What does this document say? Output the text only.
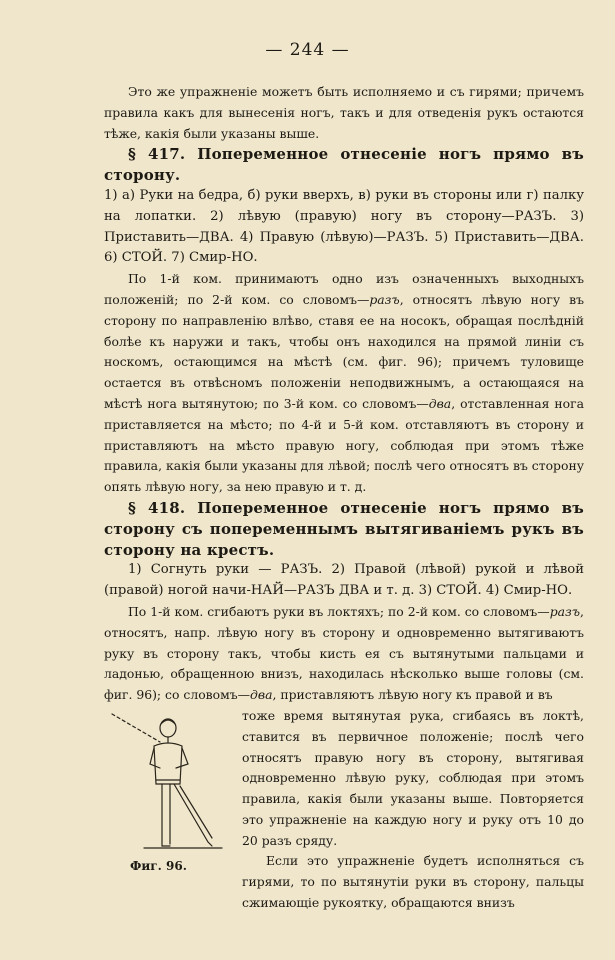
— 244 —

Это же упражненіе можетъ быть исполняемо и съ гирями; причемъ правила какъ для вынесенія ногъ, такъ и для отведенія рукъ остаются тѣже, какія были указаны выше.

§ 417. Попеременное отнесеніе ногъ прямо въ сторону.

1) а) Руки на бедра, б) руки вверхъ, в) руки въ стороны или г) палку на лопатки. 2) лѣвую (правую) ногу въ сторону—РАЗЪ. 3) Приставить—ДВА. 4) Правую (лѣвую)—РАЗЪ. 5) Приставить—ДВА. 6) СТОЙ. 7) Смир-НО.

По 1-й ком. принимаютъ одно изъ означенныхъ выходныхъ положеній; по 2-й ком. со словомъ—разъ, относятъ лѣвую ногу въ сторону по направленію влѣво, ставя ее на носокъ, обращая послѣдній болѣе къ наружи и такъ, чтобы онъ находился на прямой линіи съ носкомъ, остающимся на мѣстѣ (см. фиг. 96); причемъ туловище остается въ отвѣсномъ положеніи неподвижнымъ, а остающаяся на мѣстѣ нога вытянутою; по 3-й ком. со словомъ—два, отставленная нога приставляется на мѣсто; по 4-й и 5-й ком. отставляютъ въ сторону и приставляютъ на мѣсто правую ногу, соблюдая при этомъ тѣже правила, какія были указаны для лѣвой; послѣ чего относятъ въ сторону опять лѣвую ногу, за нею правую и т. д.

§ 418. Попеременное отнесеніе ногъ прямо въ сторону съ попеременнымъ вытягиваніемъ рукъ въ сторону на крестъ.

1) Согнуть руки — РАЗЪ. 2) Правой (лѣвой) рукой и лѣвой (правой) ногой начи-НАЙ—РАЗЪ ДВА и т. д. 3) СТОЙ. 4) Смир-НО.

По 1-й ком. сгибаютъ руки въ локтяхъ; по 2-й ком. со словомъ—разъ, относятъ, напр. лѣвую ногу въ сторону и одновременно вытягиваютъ руку въ сторону такъ, чтобы кисть ея съ вытянутыми пальцами и ладонью, обращенною внизъ, находилась нѣсколько выше головы (см. фиг. 96); со словомъ—два, приставляютъ лѣвую ногу къ правой и въ

Фиг. 96.

тоже время вытянутая рука, сгибаясь въ локтѣ, ставится въ первичное положеніе; послѣ чего относятъ правую ногу въ сторону, вытягивая одновременно лѣвую руку, соблюдая при этомъ правила, какія были указаны выше. Повторяется это упражненіе на каждую ногу и руку отъ 10 до 20 разъ сряду.

Если это упражненіе будетъ исполняться съ гирями, то по вытянутіи руки въ сторону, пальцы сжимающіе рукоятку, обращаются внизъ
